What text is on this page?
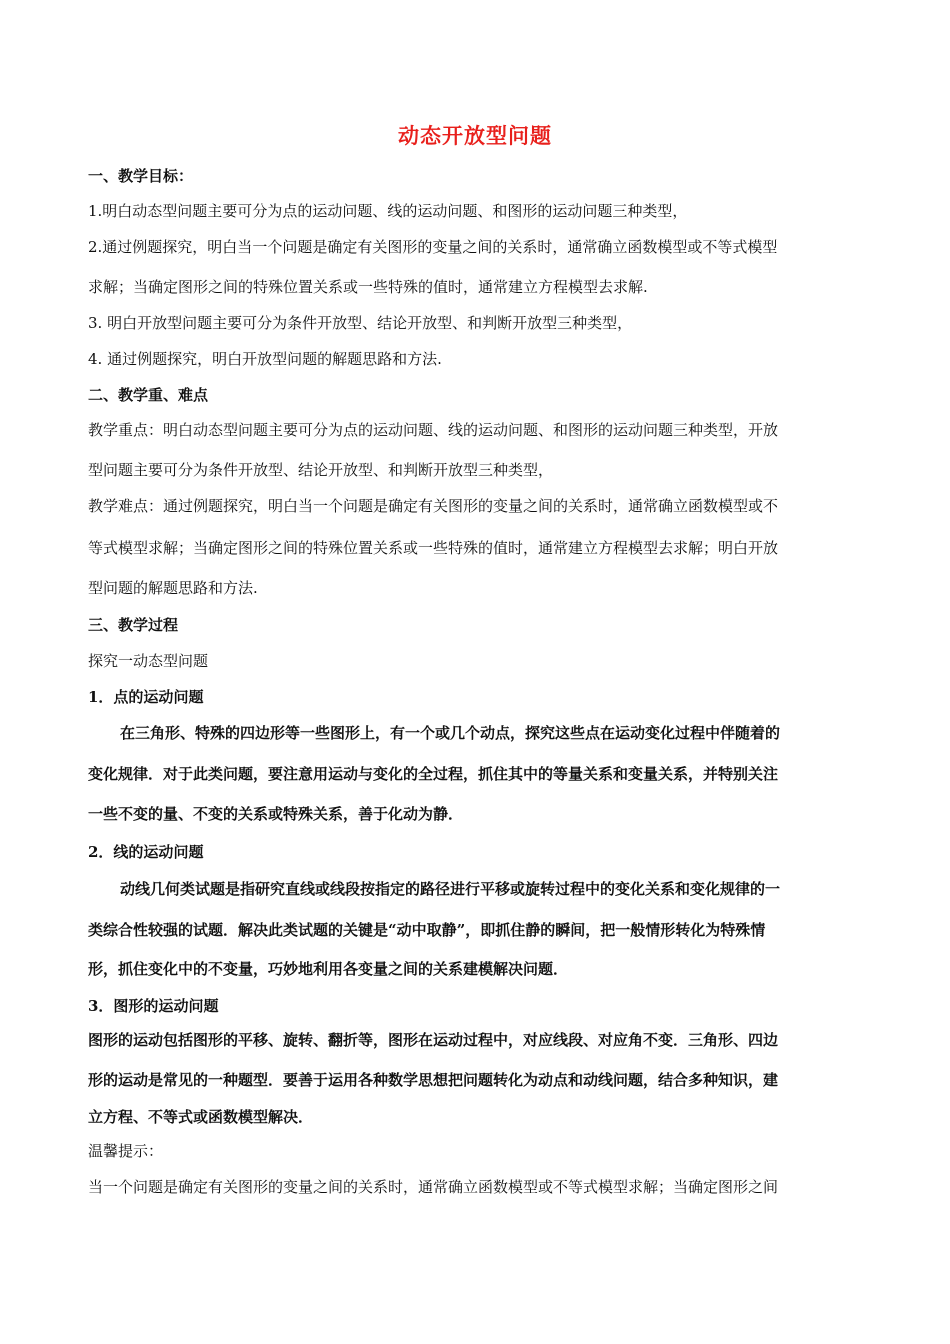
动态开放型问题
一、教学目标：
1.明白动态型问题主要可分为点的运动问题、线的运动问题、和图形的运动问题三种类型，
2.通过例题探究，明白当一个问题是确定有关图形的变量之间的关系时，通常确立函数模型或不等式模型
求解；当确定图形之间的特殊位置关系或一些特殊的值时，通常建立方程模型去求解.
3. 明白开放型问题主要可分为条件开放型、结论开放型、和判断开放型三种类型，
4. 通过例题探究，明白开放型问题的解题思路和方法.
二、教学重、难点
教学重点：明白动态型问题主要可分为点的运动问题、线的运动问题、和图形的运动问题三种类型，开放
型问题主要可分为条件开放型、结论开放型、和判断开放型三种类型，
教学难点：通过例题探究，明白当一个问题是确定有关图形的变量之间的关系时，通常确立函数模型或不
等式模型求解；当确定图形之间的特殊位置关系或一些特殊的值时，通常建立方程模型去求解；明白开放
型问题的解题思路和方法.
三、教学过程
探究一动态型问题
1．点的运动问题
在三角形、特殊的四边形等一些图形上，有一个或几个动点，探究这些点在运动变化过程中伴随着的
变化规律．对于此类问题，要注意用运动与变化的全过程，抓住其中的等量关系和变量关系，并特别关注
一些不变的量、不变的关系或特殊关系，善于化动为静．
2．线的运动问题
动线几何类试题是指研究直线或线段按指定的路径进行平移或旋转过程中的变化关系和变化规律的一
类综合性较强的试题．解决此类试题的关键是“动中取静”，即抓住静的瞬间，把一般情形转化为特殊情
形，抓住变化中的不变量，巧妙地利用各变量之间的关系建模解决问题．
3．图形的运动问题
图形的运动包括图形的平移、旋转、翻折等，图形在运动过程中，对应线段、对应角不变．三角形、四边
形的运动是常见的一种题型．要善于运用各种数学思想把问题转化为动点和动线问题，结合多种知识，建
立方程、不等式或函数模型解决．
温馨提示：
当一个问题是确定有关图形的变量之间的关系时，通常确立函数模型或不等式模型求解；当确定图形之间
